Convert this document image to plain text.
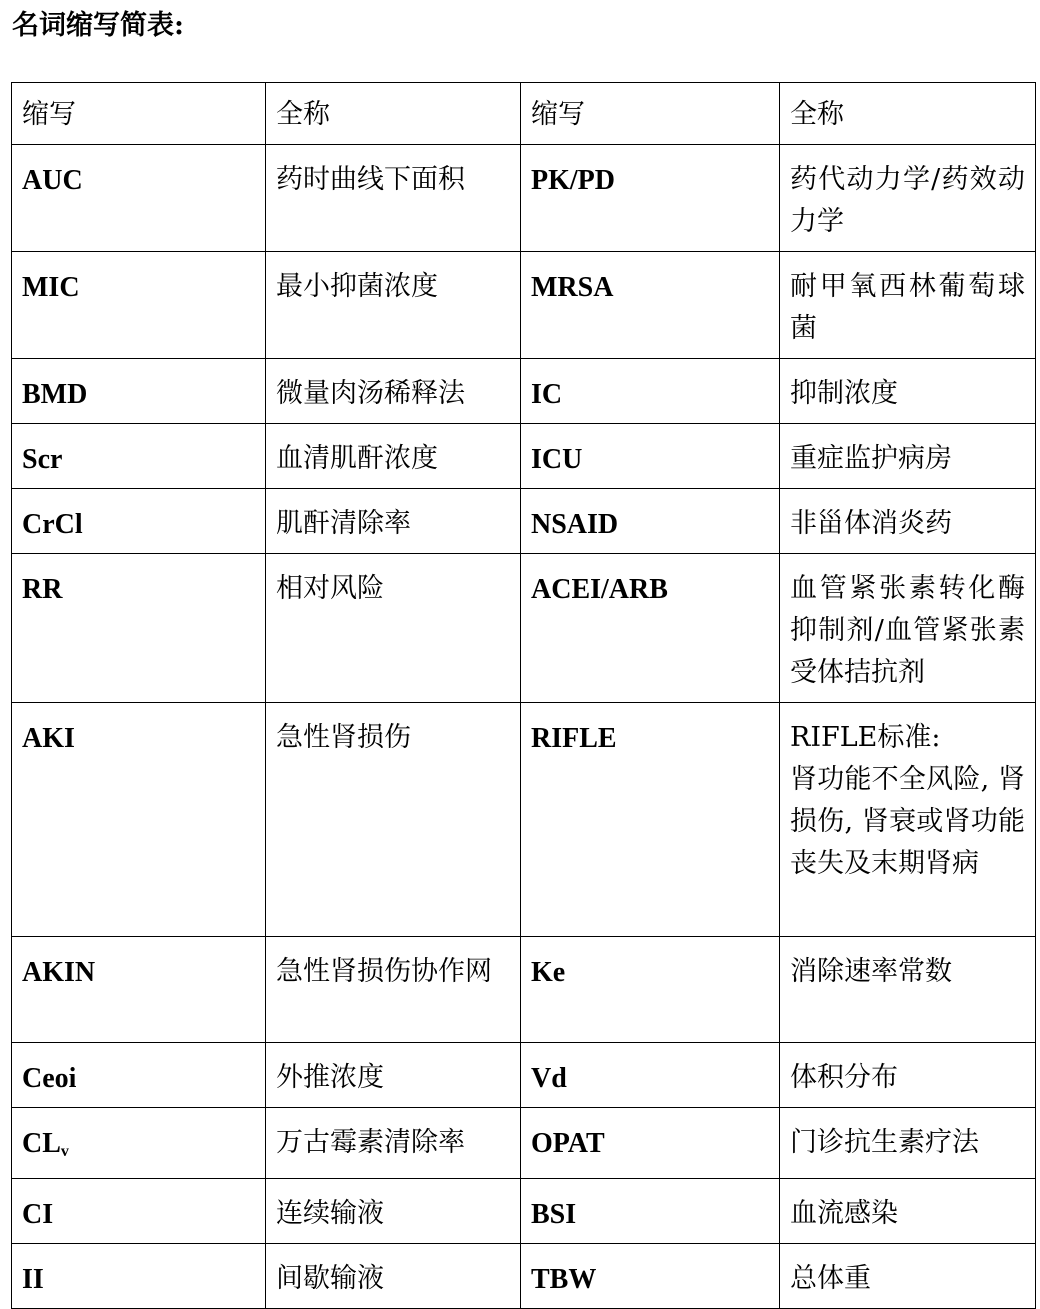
名词缩写简表:
缩写	全称	缩写	全称
AUC	药时曲线下面积	PK/PD	药代动力学/药效动力学
MIC	最小抑菌浓度	MRSA	耐甲氧西林葡萄球菌
BMD	微量肉汤稀释法	IC	抑制浓度
Scr	血清肌酐浓度	ICU	重症监护病房
CrCl	肌酐清除率	NSAID	非甾体消炎药
RR	相对风险	ACEI/ARB	血管紧张素转化酶抑制剂/血管紧张素受体拮抗剂
AKI	急性肾损伤	RIFLE	RIFLE标准:
肾功能不全风险, 肾损伤, 肾衰或肾功能丧失及末期肾病
AKIN	急性肾损伤协作网	Ke	消除速率常数
Ceoi	外推浓度	Vd	体积分布
$CL_v$	万古霉素清除率	OPAT	门诊抗生素疗法
CI	连续输液	BSI	血流感染
II	间歇输液	TBW	总体重
